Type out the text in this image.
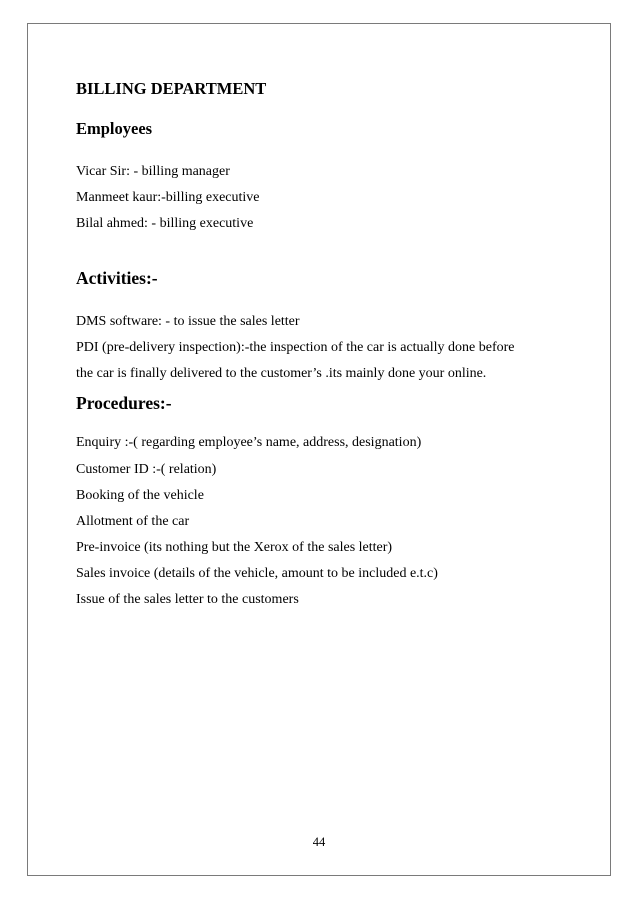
BILLING DEPARTMENT
Employees
Vicar Sir: - billing manager
Manmeet kaur:-billing executive
Bilal ahmed: - billing executive
Activities:-
DMS software: - to issue the sales letter
PDI (pre-delivery inspection):-the inspection of the car is actually done before
the car is finally delivered to the customer’s .its mainly done your online.
Procedures:-
Enquiry :-( regarding employee’s name, address, designation)
Customer ID :-( relation)
Booking of the vehicle
Allotment of the car
Pre-invoice (its nothing but the Xerox of the sales letter)
Sales invoice (details of the vehicle, amount to be included e.t.c)
Issue of the sales letter to the customers
44
